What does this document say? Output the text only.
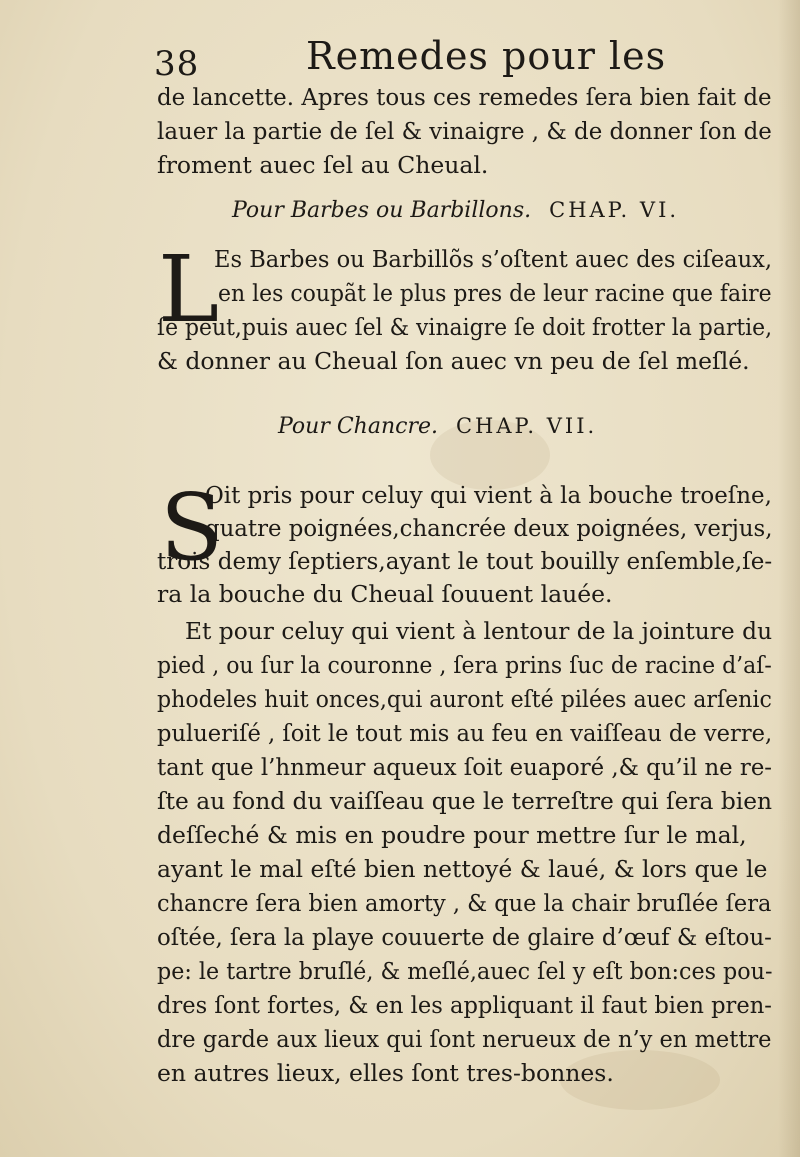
38	Remedes pour les
de lancette. Apres tous ces remedes ſera bien fait de
lauer la partie de ſel & vinaigre , & de donner ſon de
froment auec ſel au Cheual.
Pour Barbes ou Barbillons. CHAP. VI.
L
Es Barbes ou Barbillõs s’oſtent auec des ciſeaux,
en les coupãt le plus pres de leur racine que faire
ſe peut,puis auec ſel & vinaigre ſe doit frotter la partie,
& donner au Cheual ſon auec vn peu de ſel meſlé.
Pour Chancre. CHAP. VII.
S
Oit pris pour celuy qui vient à la bouche troeſne,
quatre poignées,chancrée deux poignées, verjus,
trois demy ſeptiers,ayant le tout bouilly enſemble,ſe-
ra la bouche du Cheual ſouuent lauée.
Et pour celuy qui vient à lentour de la jointure du
pied , ou ſur la couronne , ſera prins ſuc de racine d’aſ-
phodeles huit onces,qui auront eſté pilées auec arſenic
pulueriſé , ſoit le tout mis au feu en vaiſſeau de verre,
tant que l’hnmeur aqueux ſoit euaporé ,& qu’il ne re-
ſte au fond du vaiſſeau que le terreſtre qui ſera bien
deſſeché & mis en poudre pour mettre ſur le mal,
ayant le mal eſté bien nettoyé & laué, & lors que le
chancre ſera bien amorty , & que la chair bruſlée ſera
oſtée, ſera la playe couuerte de glaire d’œuf & eſtou-
pe: le tartre bruſlé, & meſlé,auec ſel y eſt bon:ces pou-
dres ſont fortes, & en les appliquant il faut bien pren-
dre garde aux lieux qui ſont nerueux de n’y en mettre
en autres lieux, elles ſont tres-bonnes.
